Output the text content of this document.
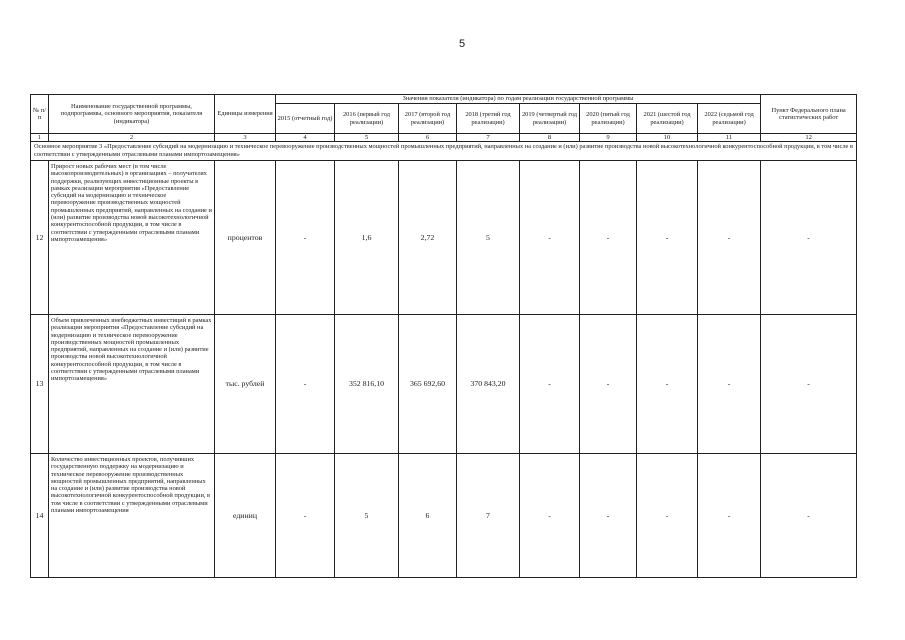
5
№ п/п	Наименование государственной программы, подпрограммы, основного мероприятия, показателя (индикатора)	Единицы измерения	Значения показателя (индикатора) по годам реализации государственной программы								Пункт Федерального плана статистических работ
			2015 (отчетный год)	2016 (первый год реализации)	2017 (второй год реализации)	2018 (третий год реализации)	2019 (четвертый год реализации)	2020 (пятый год реализации)	2021 (шестой год реализации)	2022 (седьмой год реализации)	
1	2	3	4	5	6	7	8	9	10	11	12
Основное мероприятие 3 «Предоставление субсидий на модернизацию и техническое перевооружение производственных мощностей промышленных предприятий, направленных на создание и (или) развитие производства новой высокотехнологичной конкурентоспособной продукции, в том числе в соответствии с утвержденными отраслевыми планами импортозамещения»											
12	Прирост новых рабочих мест (в том числе высокопроизводительных) в организациях – получателях поддержки, реализующих инвестиционные проекты в рамках реализации мероприятия «Предоставление субсидий на модернизацию и техническое перевооружение производственных мощностей промышленных предприятий, направленных на создание и (или) развитие производства новой высокотехнологичной конкурентоспособной продукции, в том числе в соответствии с утвержденными отраслевыми планами импортозамещения»	процентов	-	1,6	2,72	5	-	-	-	-	-
13	Объем привлеченных внебюджетных инвестиций в рамках реализации мероприятия «Предоставление субсидий на модернизацию и техническое перевооружение производственных мощностей промышленных предприятий, направленных на создание и (или) развитие производства новой высокотехнологичной конкурентоспособной продукции, в том числе в соответствии с утвержденными отраслевыми планами импортозамещения»	тыс. рублей	-	352 816,10	365 692,60	370 843,20	-	-	-	-	-
14	Количество инвестиционных проектов, получивших государственную поддержку на модернизацию и техническое перевооружение производственных мощностей промышленных предприятий, направленных на создание и (или) развитие производства новой высокотехнологичной конкурентоспособной продукции, в том числе в соответствии с утвержденными отраслевыми планами импортозамещения	единиц	-	5	6	7	-	-	-	-	-
